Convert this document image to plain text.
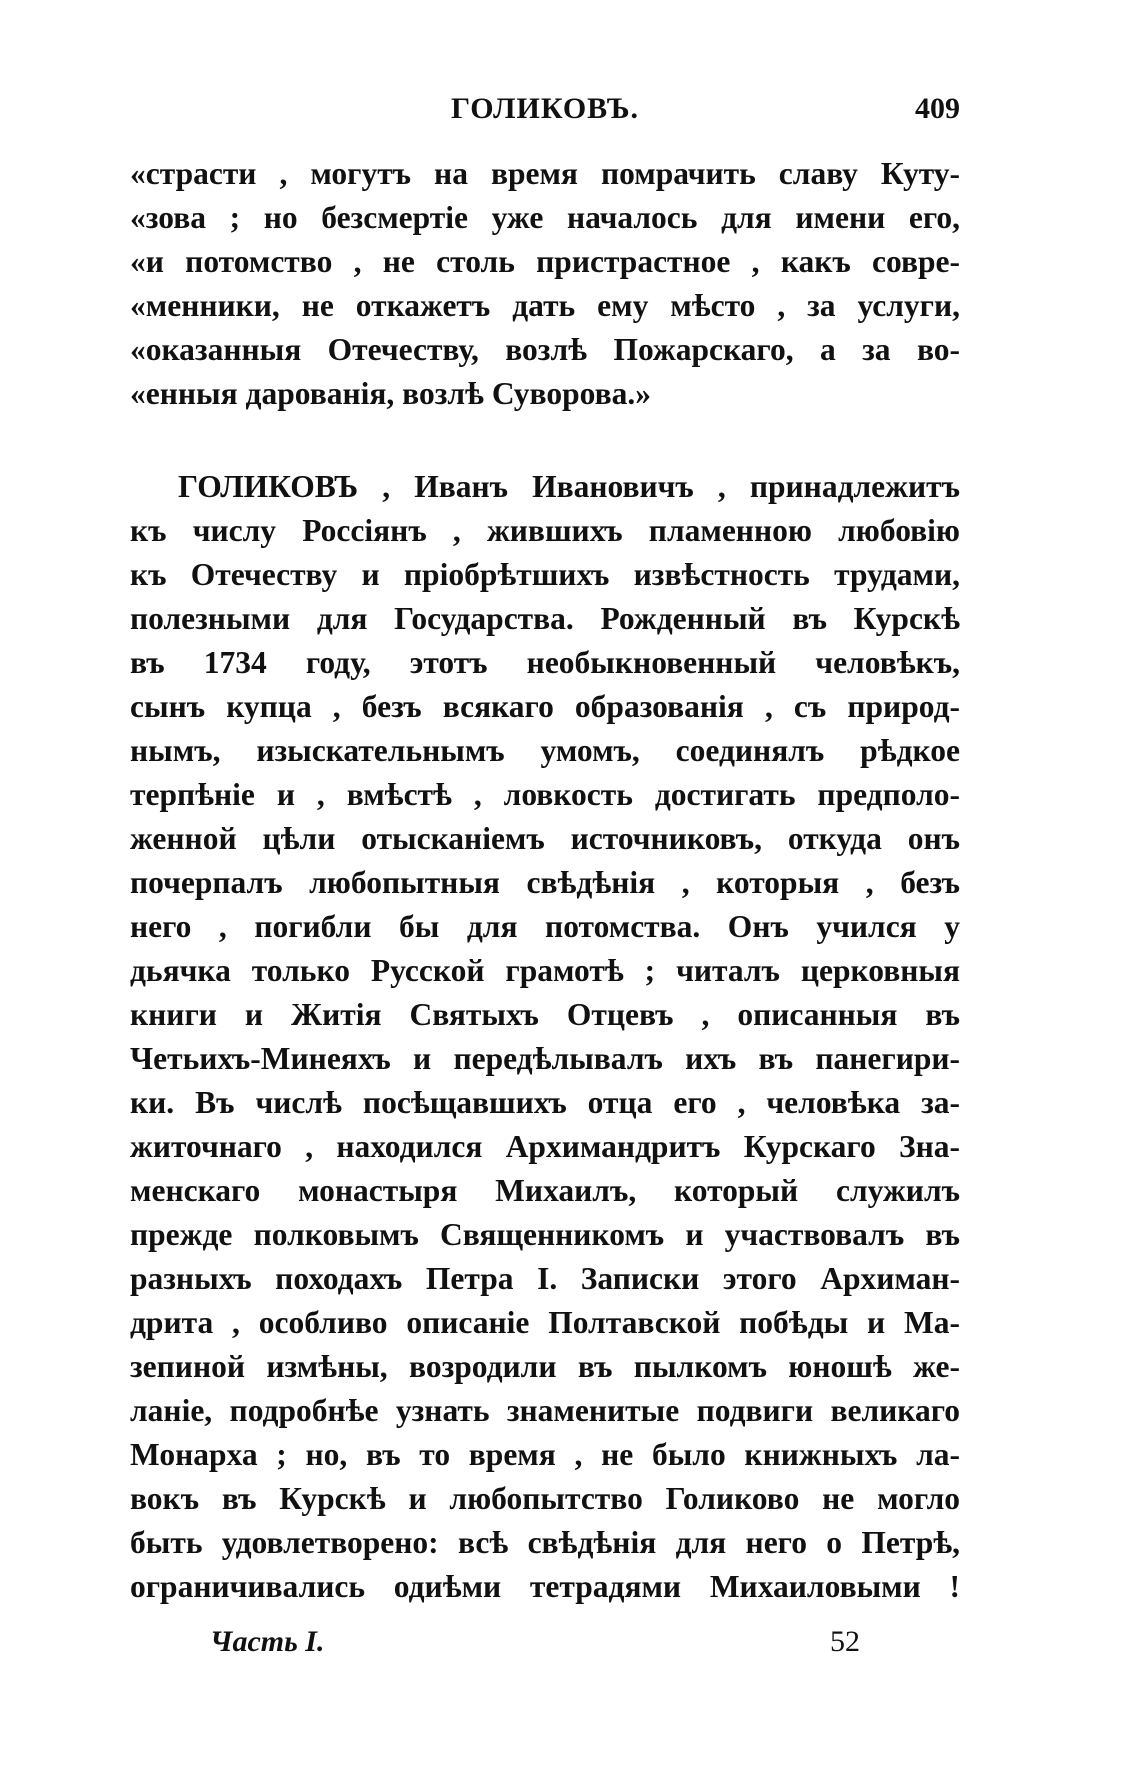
ГОЛИКОВЪ.	409
«страсти , могутъ на время помрачить славу Куту-
«зова ; но безсмертіе уже началось для имени его,
«и потомство , не столь пристрастное , какъ совре-
«менники, не откажетъ дать ему мѣсто , за услуги,
«оказанныя Отечеству, возлѣ Пожарскаго, а за во-
«енныя дарованія, возлѣ Суворова.»
ГОЛИКОВЪ , Иванъ Ивановичъ , принадлежитъ
къ числу Россіянъ , жившихъ пламенною любовію
къ Отечеству и пріобрѣтшихъ извѣстность трудами,
полезными для Государства. Рожденный въ Курскѣ
въ 1734 году, этотъ необыкновенный человѣкъ,
сынъ купца , безъ всякаго образованія , съ природ-
нымъ, изыскательнымъ умомъ, соединялъ рѣдкое
терпѣніе и , вмѣстѣ , ловкость достигать предполо-
женной цѣли отысканіемъ источниковъ, откуда онъ
почерпалъ любопытныя свѣдѣнія , которыя , безъ
него , погибли бы для потомства. Онъ учился у
дьячка только Русской грамотѣ ; читалъ церковныя
книги и Житія Святыхъ Отцевъ , описанныя въ
Четьихъ-Минеяхъ и передѣлывалъ ихъ въ панегири-
ки. Въ числѣ посѣщавшихъ отца его , человѣка за-
житочнаго , находился Архимандритъ Курскаго Зна-
менскаго монастыря Михаилъ, который служилъ
прежде полковымъ Священникомъ и участвовалъ въ
разныхъ походахъ Петра I. Записки этого Архиман-
дрита , особливо описаніе Полтавской побѣды и Ма-
зепиной измѣны, возродили въ пылкомъ юношѣ же-
ланіе, подробнѣе узнать знаменитые подвиги великаго
Монарха ; но, въ то время , не было книжныхъ ла-
вокъ въ Курскѣ и любопытство Голиково не могло
быть удовлетворено: всѣ свѣдѣнія для него о Петрѣ,
ограничивались одиѣми тетрадями Михаиловыми !
Часть I.	52
